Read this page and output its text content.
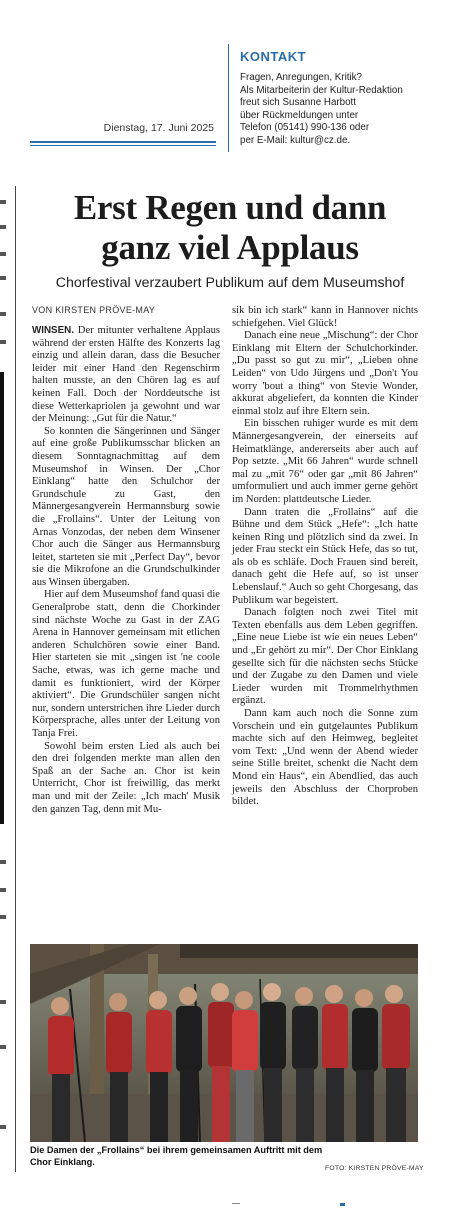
Dienstag, 17. Juni 2025
KONTAKT
Fragen, Anregungen, Kritik?
Als Mitarbeiterin der Kultur-Redaktion
freut sich Susanne Harbott
über Rückmeldungen unter
Telefon (05141) 990-136 oder
per E-Mail: kultur@cz.de.
Erst Regen und dann
ganz viel Applaus
Chorfestival verzaubert Publikum auf dem Museumshof
VON KIRSTEN PRÖVE-MAY

WINSEN. Der mitunter verhaltene Applaus während der ersten Hälfte des Konzerts lag einzig und allein daran, dass die Besucher leider mit einer Hand den Regenschirm halten musste, an den Chören lag es auf keinen Fall. Doch der Norddeutsche ist diese Wetterkapriolen ja gewohnt und war der Meinung: „Gut für die Natur.“

So konnten die Sängerinnen und Sänger auf eine große Publikumsschar blicken an diesem Sonntagnachmittag auf dem Museumshof in Winsen. Der „Chor Einklang“ hatte den Schulchor der Grundschule zu Gast, den Männergesangverein Hermannsburg sowie die „Frollains“. Unter der Leitung von Arnas Vonzodas, der neben dem Winsener Chor auch die Sänger aus Hermannsburg leitet, starteten sie mit „Perfect Day“, bevor sie die Mikrofone an die Grundschulkinder aus Winsen übergaben.

Hier auf dem Museumshof fand quasi die Generalprobe statt, denn die Chorkinder sind nächste Woche zu Gast in der ZAG Arena in Hannover gemeinsam mit etlichen anderen Schulchören sowie einer Band. Hier starteten sie mit „singen ist 'ne coole Sache, etwas, was ich gerne mache und damit es funktioniert, wird der Körper aktiviert“. Die Grundschüler sangen nicht nur, sondern unterstrichen ihre Lieder durch Körpersprache, alles unter der Leitung von Tanja Frei.

Sowohl beim ersten Lied als auch bei den drei folgenden merkte man allen den Spaß an der Sache an. Chor ist kein Unterricht, Chor ist freiwillig, das merkt man und mit der Zeile: „Ich mach' Musik den ganzen Tag, denn mit Mu-

sik bin ich stark“ kann in Hannover nichts schiefgehen. Viel Glück!

Danach eine neue „Mischung“: der Chor Einklang mit Eltern der Schulchorkinder. „Du passt so gut zu mir“, „Lieben ohne Leiden“ von Udo Jürgens und „Don't You worry 'bout a thing“ von Stevie Wonder, akkurat abgeliefert, da konnten die Kinder einmal stolz auf ihre Eltern sein.

Ein bisschen ruhiger wurde es mit dem Männergesangverein, der einerseits auf Heimatklänge, andererseits aber auch auf Pop setzte. „Mit 66 Jahren“ wurde schnell mal zu „mit 76“ oder gar „mit 86 Jahren“ umformuliert und auch immer gerne gehört im Norden: plattdeutsche Lieder.

Dann traten die „Frollains“ auf die Bühne und dem Stück „Hefe“: „Ich hatte keinen Ring und plötzlich sind da zwei. In jeder Frau steckt ein Stück Hefe, das so tut, als ob es schläfe. Doch Frauen sind bereit, danach geht die Hefe auf, so ist unser Lebenslauf.“ Auch so geht Chorgesang, das Publikum war begeistert.

Danach folgten noch zwei Titel mit Texten ebenfalls aus dem Leben gegriffen. „Eine neue Liebe ist wie ein neues Leben“ und „Er gehört zu mir“. Der Chor Einklang gesellte sich für die nächsten sechs Stücke und der Zugabe zu den Damen und viele Lieder wurden mit Trommelrhythmen ergänzt.

Dann kam auch noch die Sonne zum Vorschein und ein gutgelauntes Publikum machte sich auf den Heimweg, begleitet vom Text: „Und wenn der Abend wieder seine Stille breitet, schenkt die Nacht dem Mond ein Haus“, ein Abendlied, das auch jeweils den Abschluss der Chorproben bildet.

Die Damen der „Frollains“ bei ihrem gemeinsamen Auftritt mit dem Chor Einklang.
FOTO: KIRSTEN PRÖVE-MAY
